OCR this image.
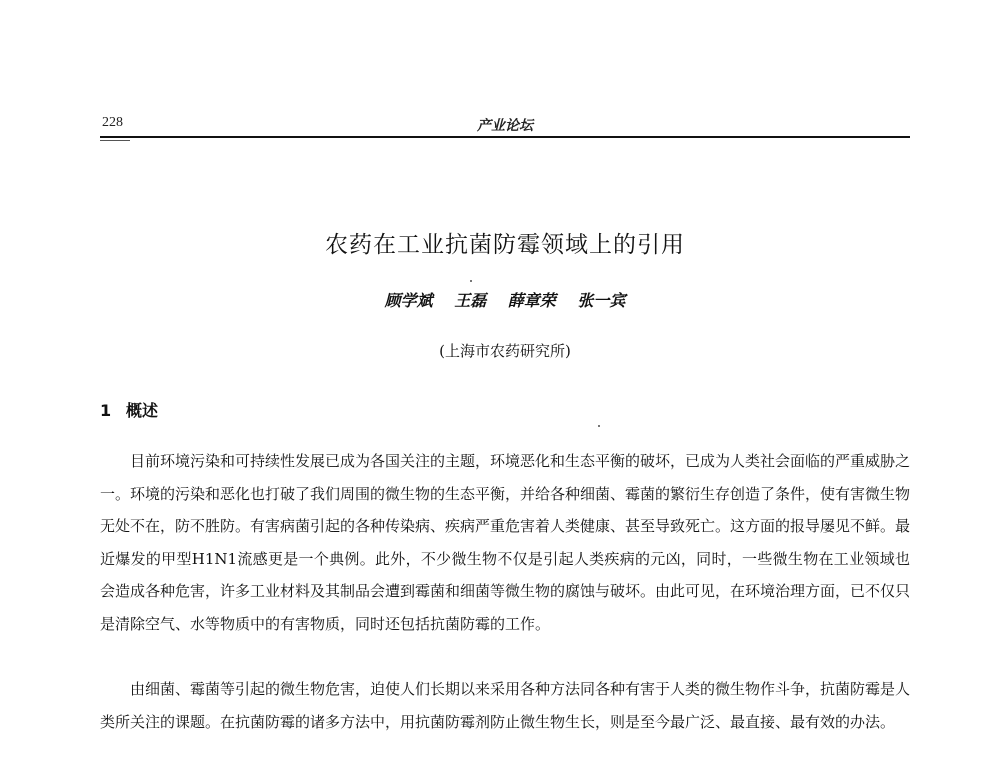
228	产业论坛
农药在工业抗菌防霉领域上的引用
顾学斌 王磊 薛章荣 张一宾
(上海市农药研究所)
1 概述

目前环境污染和可持续性发展已成为各国关注的主题，环境恶化和生态平衡的破坏，已成为人类社会面临的严重威胁之一。环境的污染和恶化也打破了我们周围的微生物的生态平衡，并给各种细菌、霉菌的繁衍生存创造了条件，使有害微生物无处不在，防不胜防。有害病菌引起的各种传染病、疾病严重危害着人类健康、甚至导致死亡。这方面的报导屡见不鲜。最近爆发的甲型H1N1流感更是一个典例。此外，不少微生物不仅是引起人类疾病的元凶，同时，一些微生物在工业领域也会造成各种危害，许多工业材料及其制品会遭到霉菌和细菌等微生物的腐蚀与破坏。由此可见，在环境治理方面，已不仅只是清除空气、水等物质中的有害物质，同时还包括抗菌防霉的工作。

由细菌、霉菌等引起的微生物危害，迫使人们长期以来采用各种方法同各种有害于人类的微生物作斗争，抗菌防霉是人类所关注的课题。在抗菌防霉的诸多方法中，用抗菌防霉剂防止微生物生长，则是至今最广泛、最直接、最有效的办法。
